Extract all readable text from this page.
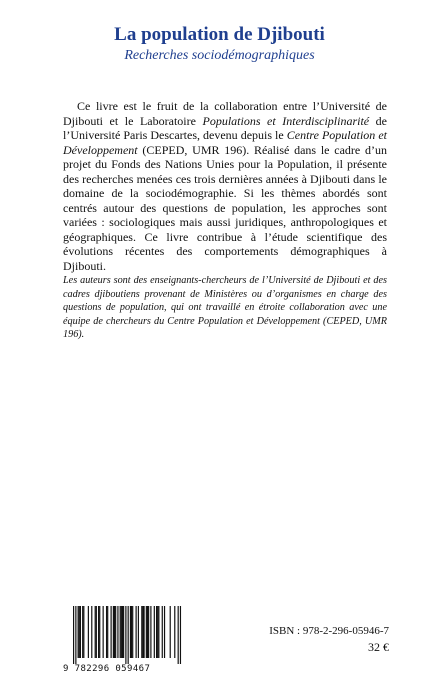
La population de Djibouti
Recherches sociodémographiques

Ce livre est le fruit de la collaboration entre l’Université de Djibouti et le Laboratoire Populations et Interdisciplinarité de l’Université Paris Descartes, devenu depuis le Centre Population et Développement (CEPED, UMR 196). Réalisé dans le cadre d’un projet du Fonds des Nations Unies pour la Population, il présente des recherches menées ces trois dernières années à Djibouti dans le domaine de la sociodémographie. Si les thèmes abordés sont centrés autour des questions de population, les approches sont variées : sociologiques mais aussi juridiques, anthropologiques et géographiques. Ce livre contribue à l’étude scientifique des évolutions récentes des comportements démographiques à Djibouti.

Les auteurs sont des enseignants-chercheurs de l’Université de Djibouti et des cadres djiboutiens provenant de Ministères ou d’organismes en charge des questions de population, qui ont travaillé en étroite collaboration avec une équipe de chercheurs du Centre Population et Développement (CEPED, UMR 196).

9 782296 059467
ISBN : 978-2-296-05946-7
32 €
